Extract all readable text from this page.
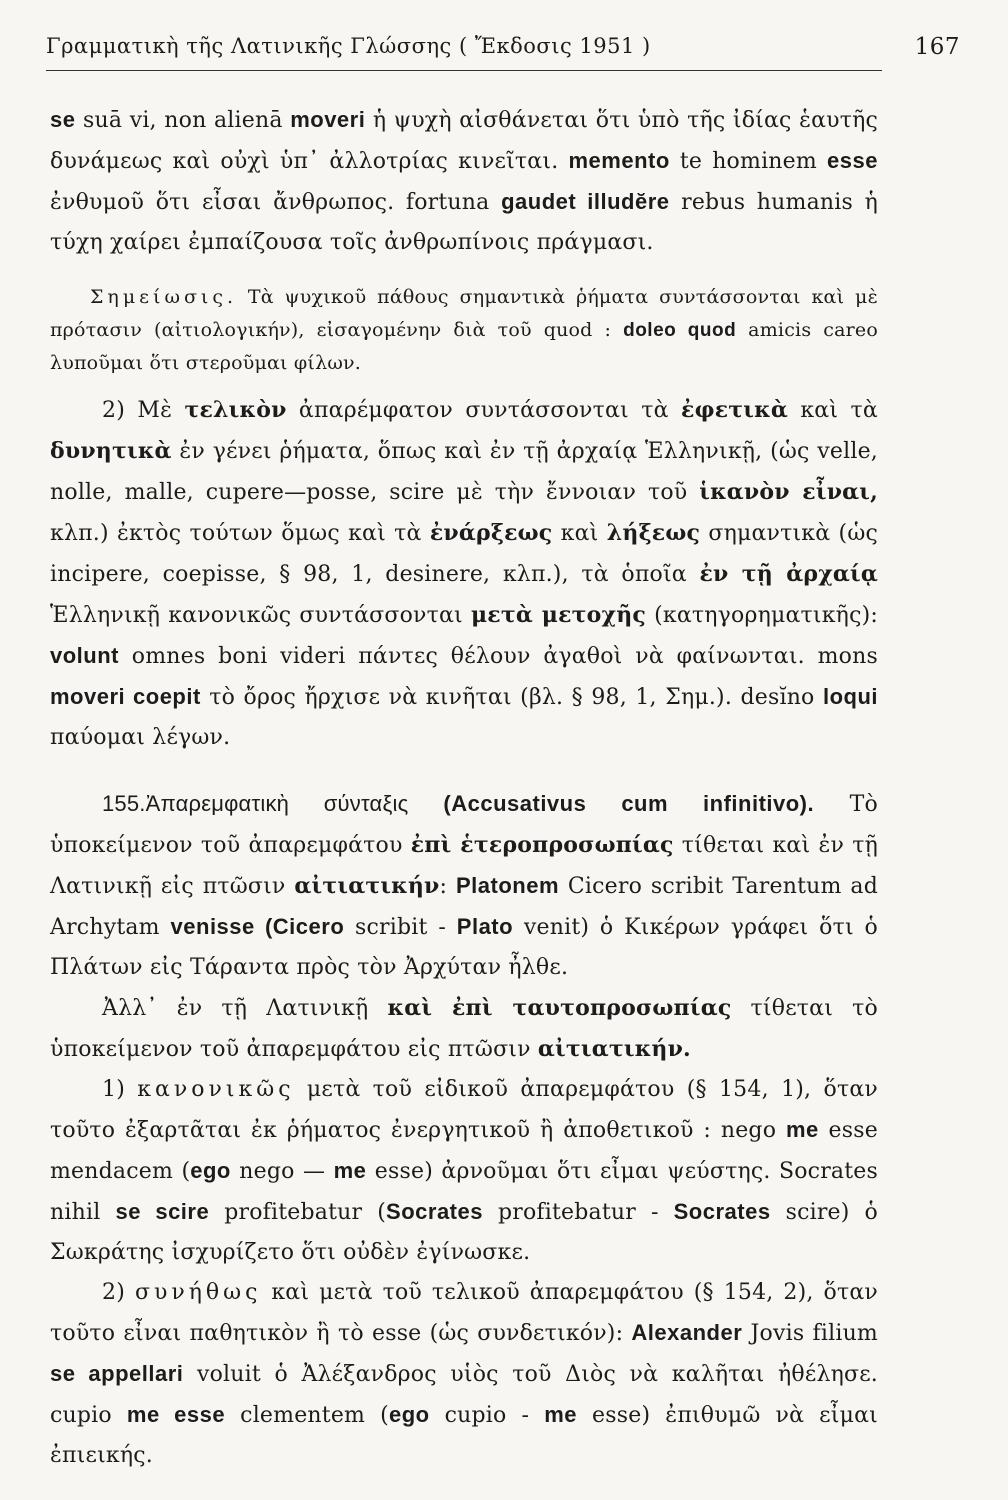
Γραμματικὴ τῆς Λατινικῆς Γλώσσης ( Ἔκδοσις 1951 )	167

se suā vi, non alienā moveri ἡ ψυχὴ αἰσθάνεται ὅτι ὑπὸ τῆς ἰδίας ἑαυτῆς δυνάμεως καὶ οὐχὶ ὑπ᾽ ἀλλοτρίας κινεῖται. memento te hominem esse ἐνθυμοῦ ὅτι εἶσαι ἄνθρωπος. fortuna gaudet illudĕre rebus humanis ἡ τύχη χαίρει ἐμπαίζουσα τοῖς ἀνθρωπίνοις πράγμασι.

Σημείωσις. Τὰ ψυχικοῦ πάθους σημαντικὰ ῥήματα συντάσσονται καὶ μὲ πρότασιν (αἰτιολογικήν), εἰσαγομένην διὰ τοῦ quod : doleo quod amicis careo λυποῦμαι ὅτι στεροῦμαι φίλων.

2) Μὲ τελικὸν ἀπαρέμφατον συντάσσονται τὰ ἐφετικὰ καὶ τὰ δυνητικὰ ἐν γένει ῥήματα, ὅπως καὶ ἐν τῇ ἀρχαίᾳ Ἑλληνικῇ, (ὡς velle, nolle, malle, cupere—posse, scire μὲ τὴν ἔννοιαν τοῦ ἱκανὸν εἶναι, κλπ.) ἐκτὸς τούτων ὅμως καὶ τὰ ἐνάρξεως καὶ λήξεως σημαντικὰ (ὡς incipere, coepisse, § 98, 1, desinere, κλπ.), τὰ ὁποῖα ἐν τῇ ἀρχαίᾳ Ἑλληνικῇ κανονικῶς συντάσσονται μετὰ μετοχῆς (κατηγορηματικῆς): volunt omnes boni videri πάντες θέλουν ἀγαθοὶ νὰ φαίνωνται. mons moveri coepit τὸ ὄρος ἤρχισε νὰ κινῆται (βλ. § 98, 1, Σημ.). desĭno loqui παύομαι λέγων.

155.Ἀπαρεμφατικὴ σύνταξις (Accusativus cum infinitivo). Τὸ ὑποκείμενον τοῦ ἀπαρεμφάτου ἐπὶ ἑτεροπροσωπίας τίθεται καὶ ἐν τῇ Λατινικῇ εἰς πτῶσιν αἰτιατικήν: Platonem Cicero scribit Tarentum ad Archytam venisse (Cicero scribit - Plato venit) ὁ Κικέρων γράφει ὅτι ὁ Πλάτων εἰς Τάραντα πρὸς τὸν Ἀρχύταν ἦλθε.

Ἀλλ᾽ ἐν τῇ Λατινικῇ καὶ ἐπὶ ταυτοπροσωπίας τίθεται τὸ ὑποκείμενον τοῦ ἀπαρεμφάτου εἰς πτῶσιν αἰτιατικήν.

1) κανονικῶς μετὰ τοῦ εἰδικοῦ ἀπαρεμφάτου (§ 154, 1), ὅταν τοῦτο ἐξαρτᾶται ἐκ ῥήματος ἐνεργητικοῦ ἢ ἀποθετικοῦ : nego me esse mendacem (ego nego — me esse) ἀρνοῦμαι ὅτι εἶμαι ψεύστης. Socrates nihil se scire profitebatur (Socrates profitebatur - Socrates scire) ὁ Σωκράτης ἰσχυρίζετο ὅτι οὐδὲν ἐγίνωσκε.

2) συνήθως καὶ μετὰ τοῦ τελικοῦ ἀπαρεμφάτου (§ 154, 2), ὅταν τοῦτο εἶναι παθητικὸν ἢ τὸ esse (ὡς συνδετικόν): Alexander Jovis filium se appellari voluit ὁ Ἀλέξανδρος υἱὸς τοῦ Διὸς νὰ καλῆται ἠθέλησε. cupio me esse clementem (ego cupio - me esse) ἐπιθυμῶ νὰ εἶμαι ἐπιεικής.
